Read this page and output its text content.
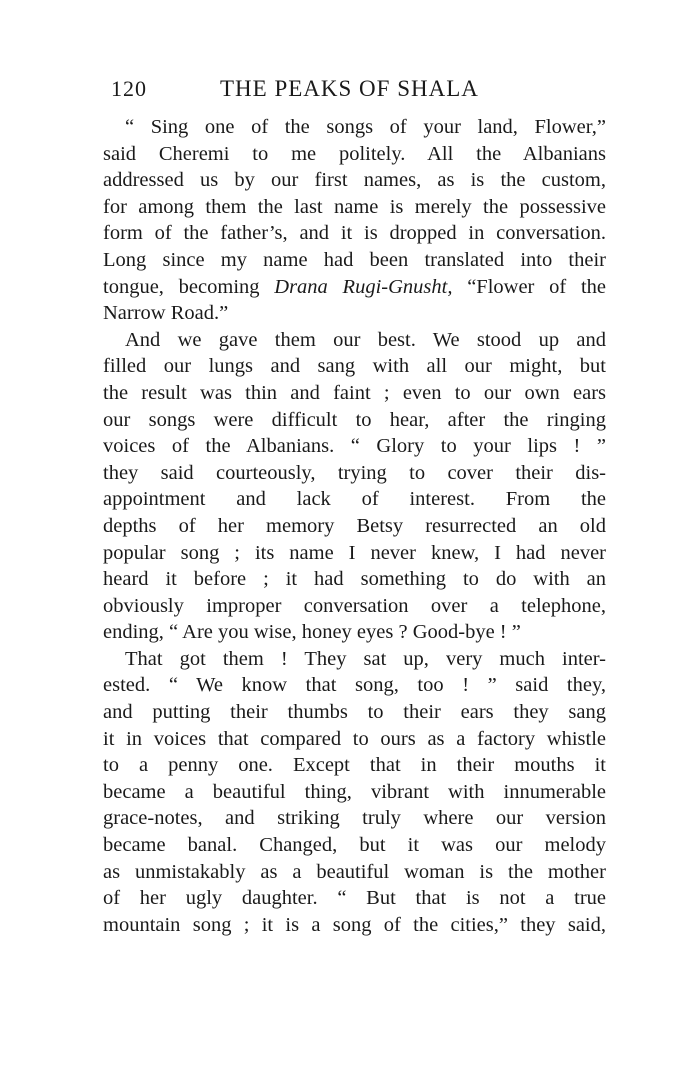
120	THE PEAKS OF SHALA
“ Sing one of the songs of your land, Flower,”
said Cheremi to me politely. All the Albanians
addressed us by our first names, as is the custom,
for among them the last name is merely the possessive
form of the father’s, and it is dropped in conversation.
Long since my name had been translated into their
tongue, becoming Drana Rugi-Gnusht, “Flower of the
Narrow Road.”
And we gave them our best. We stood up and
filled our lungs and sang with all our might, but
the result was thin and faint ; even to our own ears
our songs were difficult to hear, after the ringing
voices of the Albanians. “ Glory to your lips ! ”
they said courteously, trying to cover their dis-
appointment and lack of interest. From the
depths of her memory Betsy resurrected an old
popular song ; its name I never knew, I had never
heard it before ; it had something to do with an
obviously improper conversation over a telephone,
ending, “ Are you wise, honey eyes ? Good-bye ! ”
That got them ! They sat up, very much inter-
ested. “ We know that song, too ! ” said they,
and putting their thumbs to their ears they sang
it in voices that compared to ours as a factory whistle
to a penny one. Except that in their mouths it
became a beautiful thing, vibrant with innumerable
grace-notes, and striking truly where our version
became banal. Changed, but it was our melody
as unmistakably as a beautiful woman is the mother
of her ugly daughter. “ But that is not a true
mountain song ; it is a song of the cities,” they said,
